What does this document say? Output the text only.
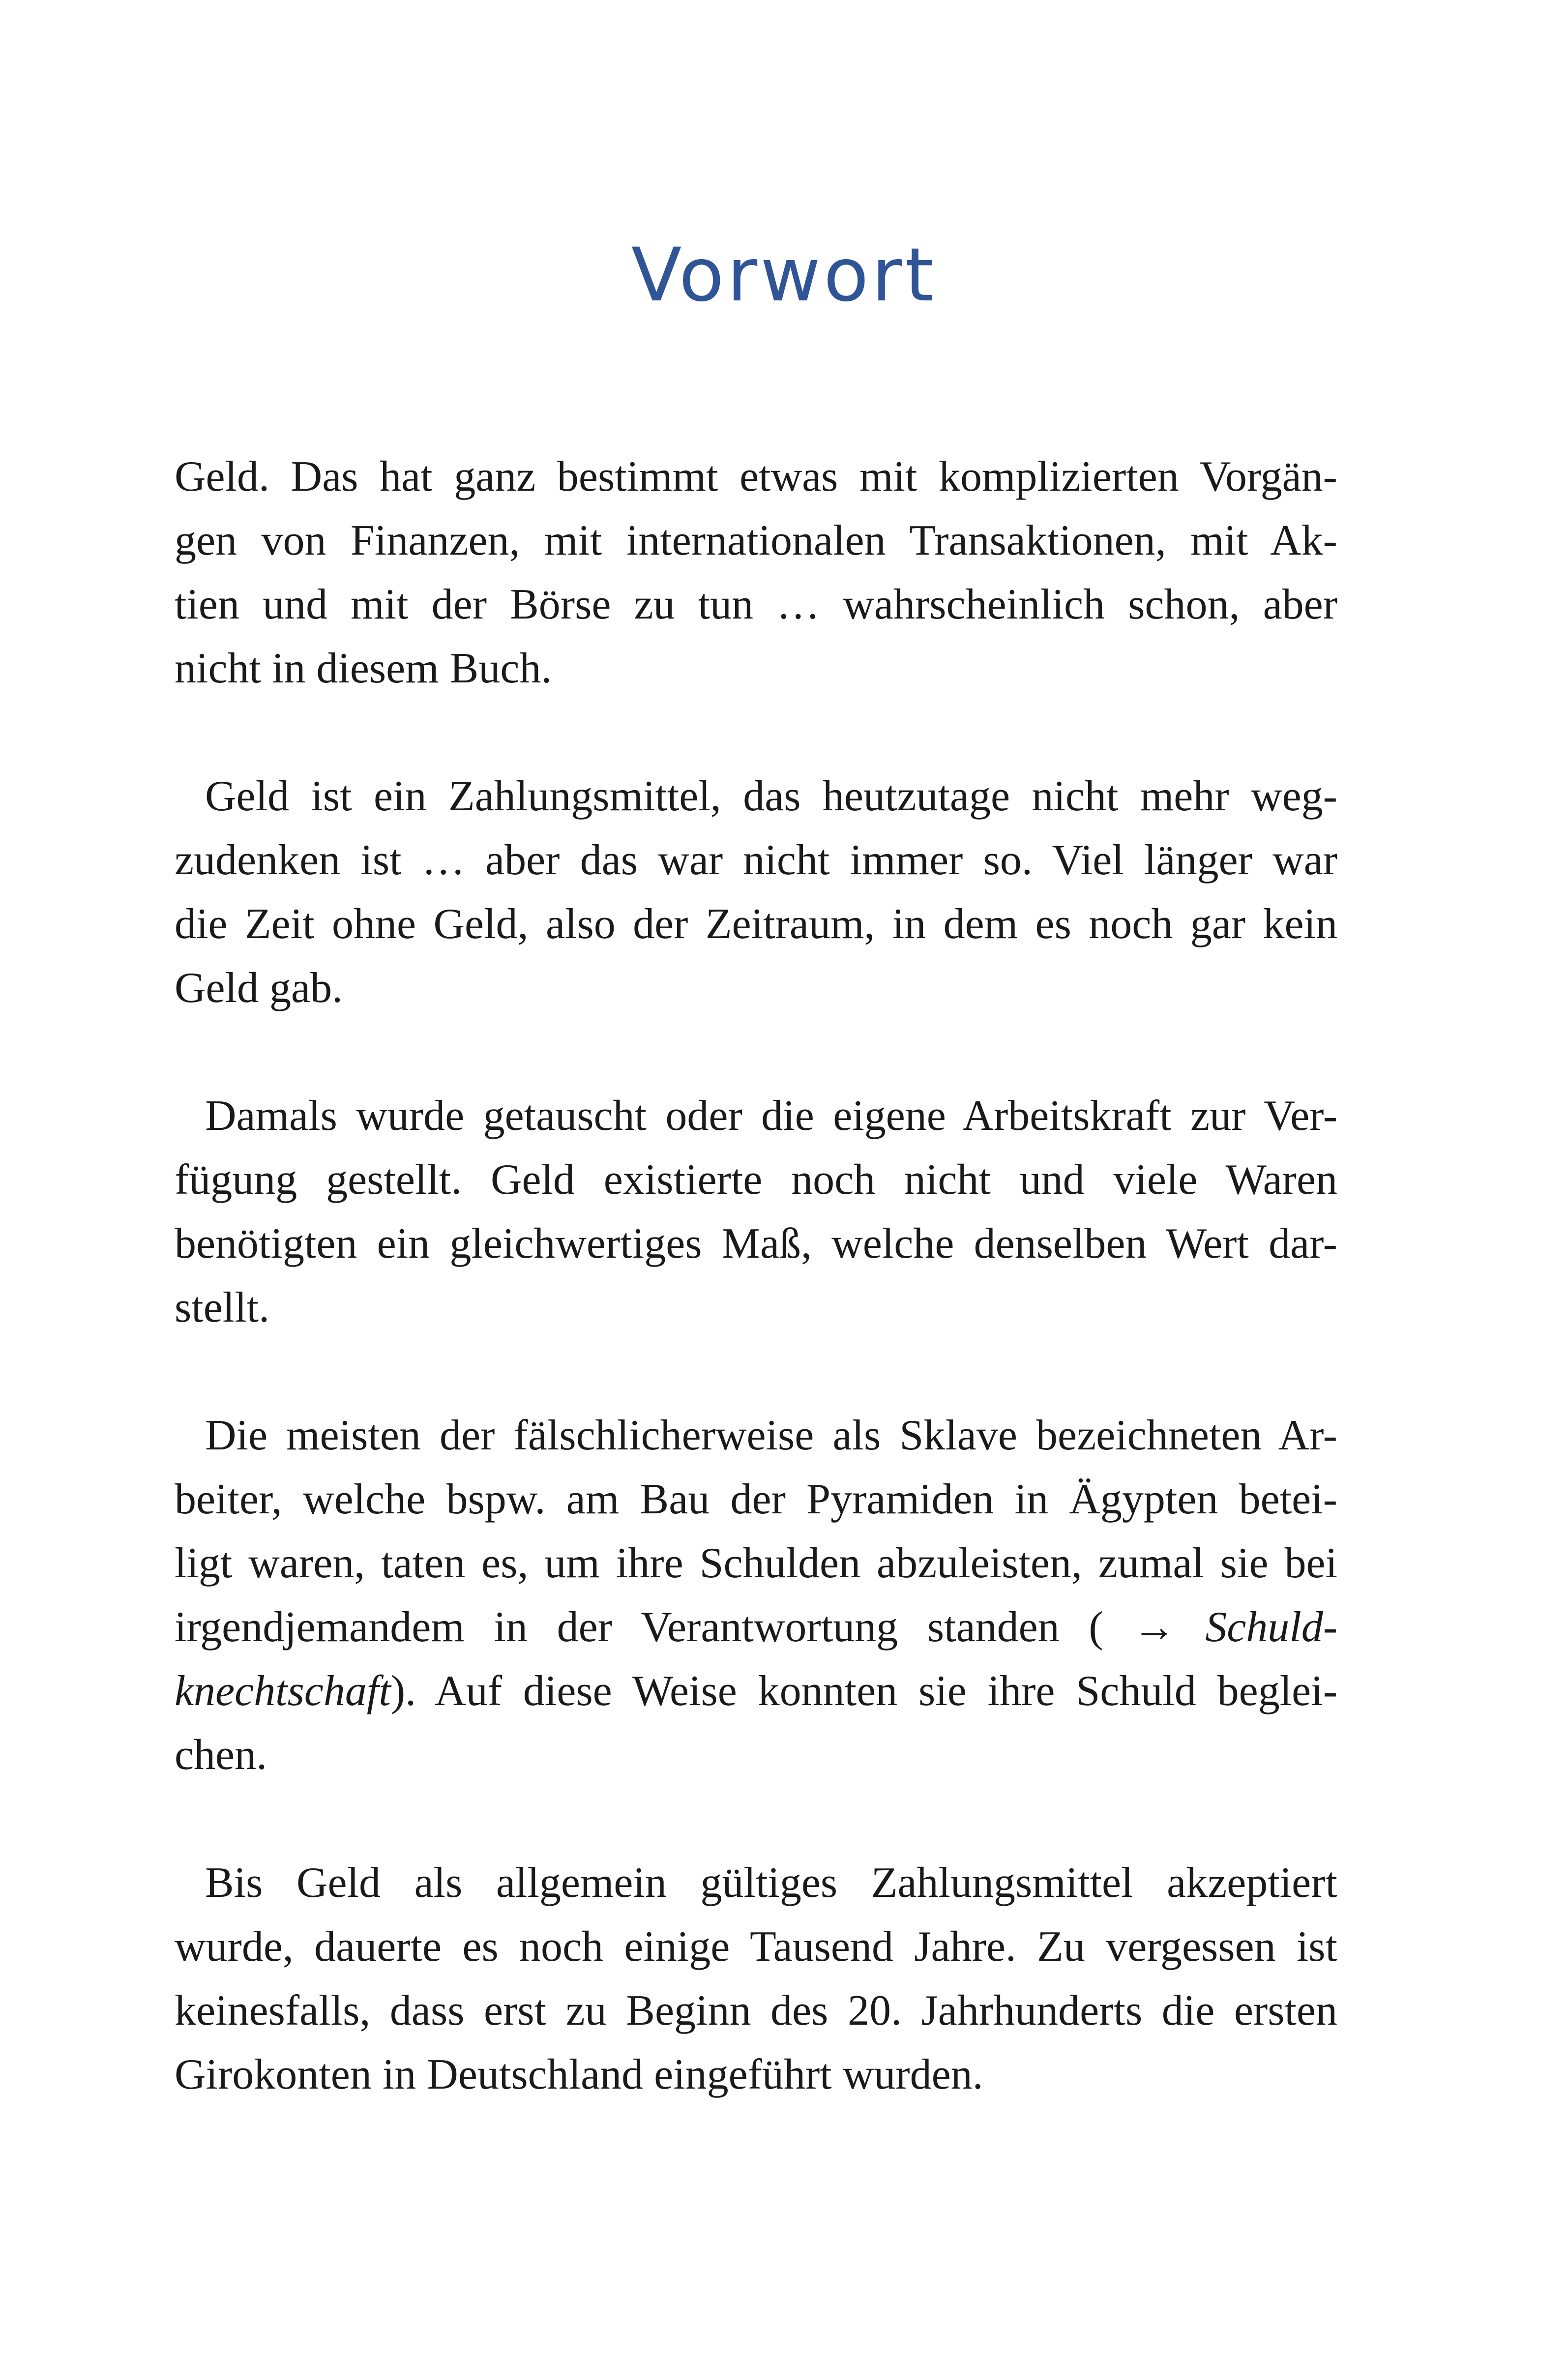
Vorwort
Geld. Das hat ganz bestimmt etwas mit komplizierten Vorgän-
gen von Finanzen, mit internationalen Transaktionen, mit Ak-
tien und mit der Börse zu tun … wahrscheinlich schon, aber
nicht in diesem Buch.
Geld ist ein Zahlungsmittel, das heutzutage nicht mehr weg-
zudenken ist … aber das war nicht immer so. Viel länger war
die Zeit ohne Geld, also der Zeitraum, in dem es noch gar kein
Geld gab.
Damals wurde getauscht oder die eigene Arbeitskraft zur Ver-
fügung gestellt. Geld existierte noch nicht und viele Waren
benötigten ein gleichwertiges Maß, welche denselben Wert dar-
stellt.
Die meisten der fälschlicherweise als Sklave bezeichneten Ar-
beiter, welche bspw. am Bau der Pyramiden in Ägypten betei-
ligt waren, taten es, um ihre Schulden abzuleisten, zumal sie bei
irgendjemandem in der Verantwortung standen ( → Schuld-
knechtschaft). Auf diese Weise konnten sie ihre Schuld beglei-
chen.
Bis Geld als allgemein gültiges Zahlungsmittel akzeptiert
wurde, dauerte es noch einige Tausend Jahre. Zu vergessen ist
keinesfalls, dass erst zu Beginn des 20. Jahrhunderts die ersten
Girokonten in Deutschland eingeführt wurden.
